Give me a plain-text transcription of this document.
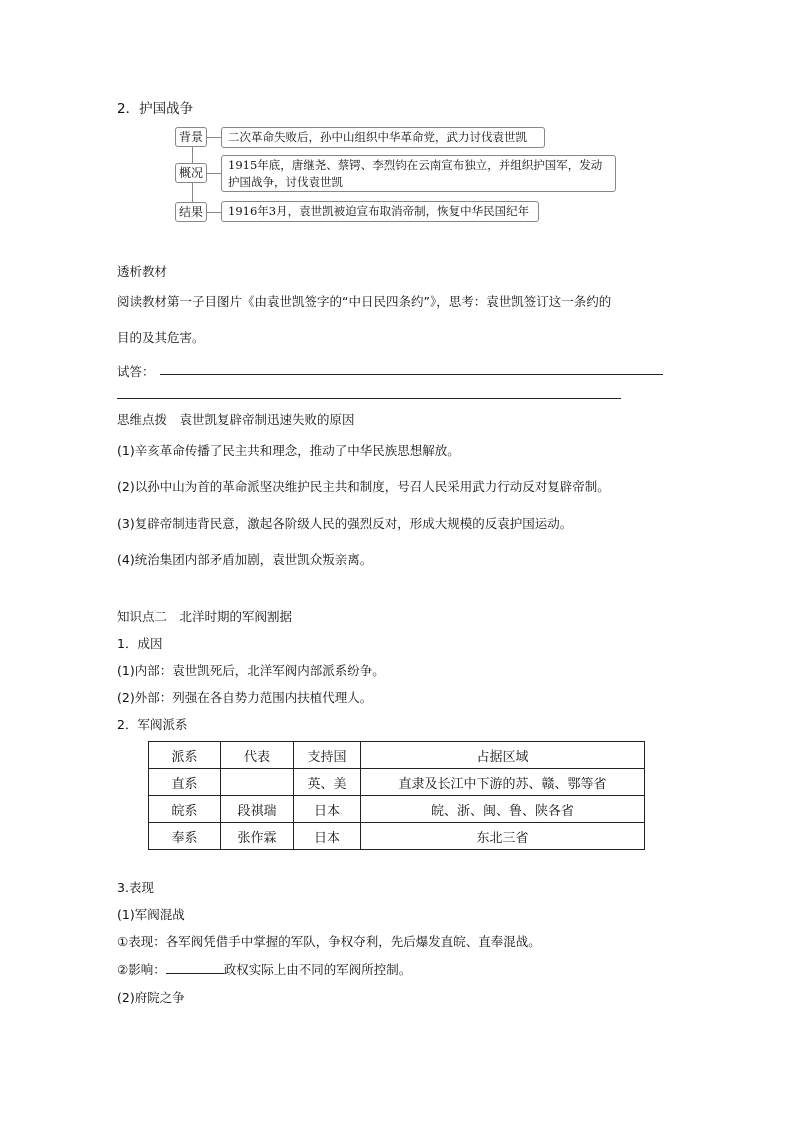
2．护国战争
背景	二次革命失败后，孙中山组织中华革命党，武力讨伐袁世凯
概况
1915年底，唐继尧、蔡锷、李烈钧在云南宣布独立，并组织护国军，发动护国战争，讨伐袁世凯
结果	1916年3月，袁世凯被迫宣布取消帝制，恢复中华民国纪年
透析教材
阅读教材第一子目图片《由袁世凯签字的“中日民四条约”》，思考：袁世凯签订这一条约的
目的及其危害。
试答：
思维点拨　袁世凯复辟帝制迅速失败的原因
(1)辛亥革命传播了民主共和理念，推动了中华民族思想解放。
(2)以孙中山为首的革命派坚决维护民主共和制度，号召人民采用武力行动反对复辟帝制。
(3)复辟帝制违背民意，激起各阶级人民的强烈反对，形成大规模的反袁护国运动。
(4)统治集团内部矛盾加剧，袁世凯众叛亲离。
知识点二　北洋时期的军阀割据
1．成因
(1)内部：袁世凯死后，北洋军阀内部派系纷争。
(2)外部：列强在各自势力范围内扶植代理人。
2．军阀派系
派系	代表	支持国	占据区域
直系		英、美	直隶及长江中下游的苏、赣、鄂等省
皖系	段祺瑞	日本	皖、浙、闽、鲁、陕各省
奉系	张作霖	日本	东北三省
3.表现
(1)军阀混战
①表现：各军阀凭借手中掌握的军队，争权夺利，先后爆发直皖、直奉混战。
②影响：	政权实际上由不同的军阀所控制。
(2)府院之争
